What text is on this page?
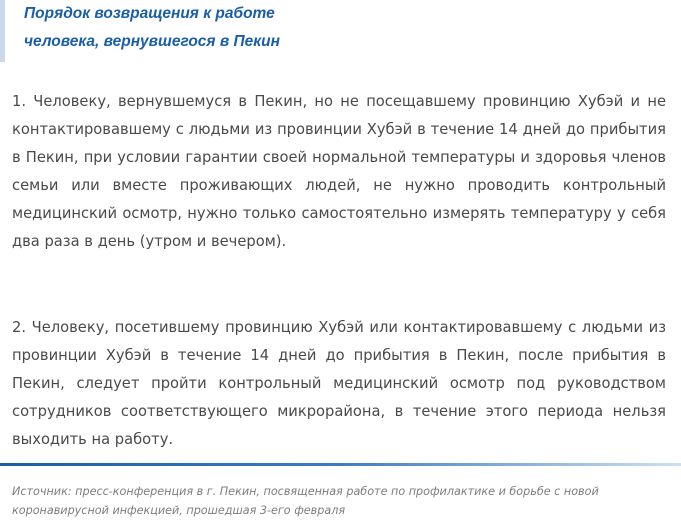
Порядок возвращения к работе
человека, вернувшегося в Пекин

1. Человеку, вернувшемуся в Пекин, но не посещавшему провинцию Хубэй и не контактировавшему с людьми из провинции Хубэй в течение 14 дней до прибытия в Пекин, при условии гарантии своей нормальной температуры и здоровья членов семьи или вместе проживающих людей, не нужно проводить контрольный медицинский осмотр, нужно только самостоятельно измерять температуру у себя два раза в день (утром и вечером).

2. Человеку, посетившему провинцию Хубэй или контактировавшему с людьми из провинции Хубэй в течение 14 дней до прибытия в Пекин, после прибытия в Пекин, следует пройти контрольный медицинский осмотр под руководством сотрудников соответствующего микрорайона, в течение этого периода нельзя выходить на работу.

Источник: пресс-конференция в г. Пекин, посвященная работе по профилактике и борьбе с новой коронавирусной инфекцией, прошедшая 3-его февраля
